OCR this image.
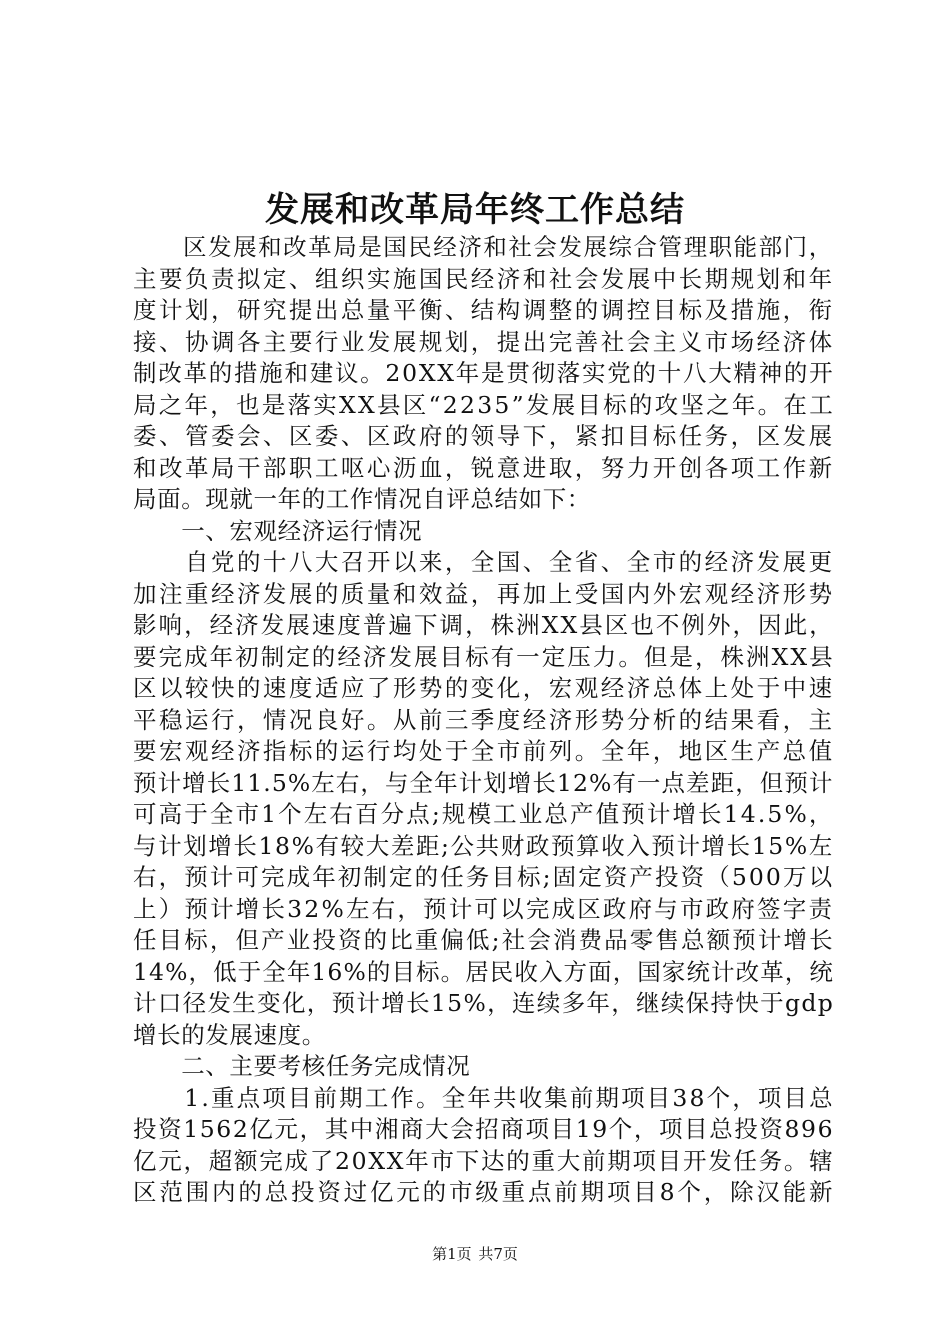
发展和改革局年终工作总结
　　区发展和改革局是国民经济和社会发展综合管理职能部门，
主要负责拟定、组织实施国民经济和社会发展中长期规划和年
度计划，研究提出总量平衡、结构调整的调控目标及措施，衔
接、协调各主要行业发展规划，提出完善社会主义市场经济体
制改革的措施和建议。20XX年是贯彻落实党的十八大精神的开
局之年，也是落实XX县区“2235”发展目标的攻坚之年。在工
委、管委会、区委、区政府的领导下，紧扣目标任务，区发展
和改革局干部职工呕心沥血，锐意进取，努力开创各项工作新
局面。现就一年的工作情况自评总结如下：
　　一、宏观经济运行情况
　　自党的十八大召开以来，全国、全省、全市的经济发展更
加注重经济发展的质量和效益，再加上受国内外宏观经济形势
影响，经济发展速度普遍下调，株洲XX县区也不例外，因此，
要完成年初制定的经济发展目标有一定压力。但是，株洲XX县
区以较快的速度适应了形势的变化，宏观经济总体上处于中速
平稳运行，情况良好。从前三季度经济形势分析的结果看，主
要宏观经济指标的运行均处于全市前列。全年，地区生产总值
预计增长11.5%左右，与全年计划增长12%有一点差距，但预计
可高于全市1个左右百分点;规模工业总产值预计增长14.5%，
与计划增长18%有较大差距;公共财政预算收入预计增长15%左
右，预计可完成年初制定的任务目标;固定资产投资（500万以
上）预计增长32%左右，预计可以完成区政府与市政府签字责
任目标，但产业投资的比重偏低;社会消费品零售总额预计增长
14%，低于全年16%的目标。居民收入方面，国家统计改革，统
计口径发生变化，预计增长15%，连续多年，继续保持快于gdp
增长的发展速度。
　　二、主要考核任务完成情况
　　1.重点项目前期工作。全年共收集前期项目38个，项目总
投资1562亿元，其中湘商大会招商项目19个，项目总投资896
亿元，超额完成了20XX年市下达的重大前期项目开发任务。辖
区范围内的总投资过亿元的市级重点前期项目8个，除汉能新
第1页 共7页
